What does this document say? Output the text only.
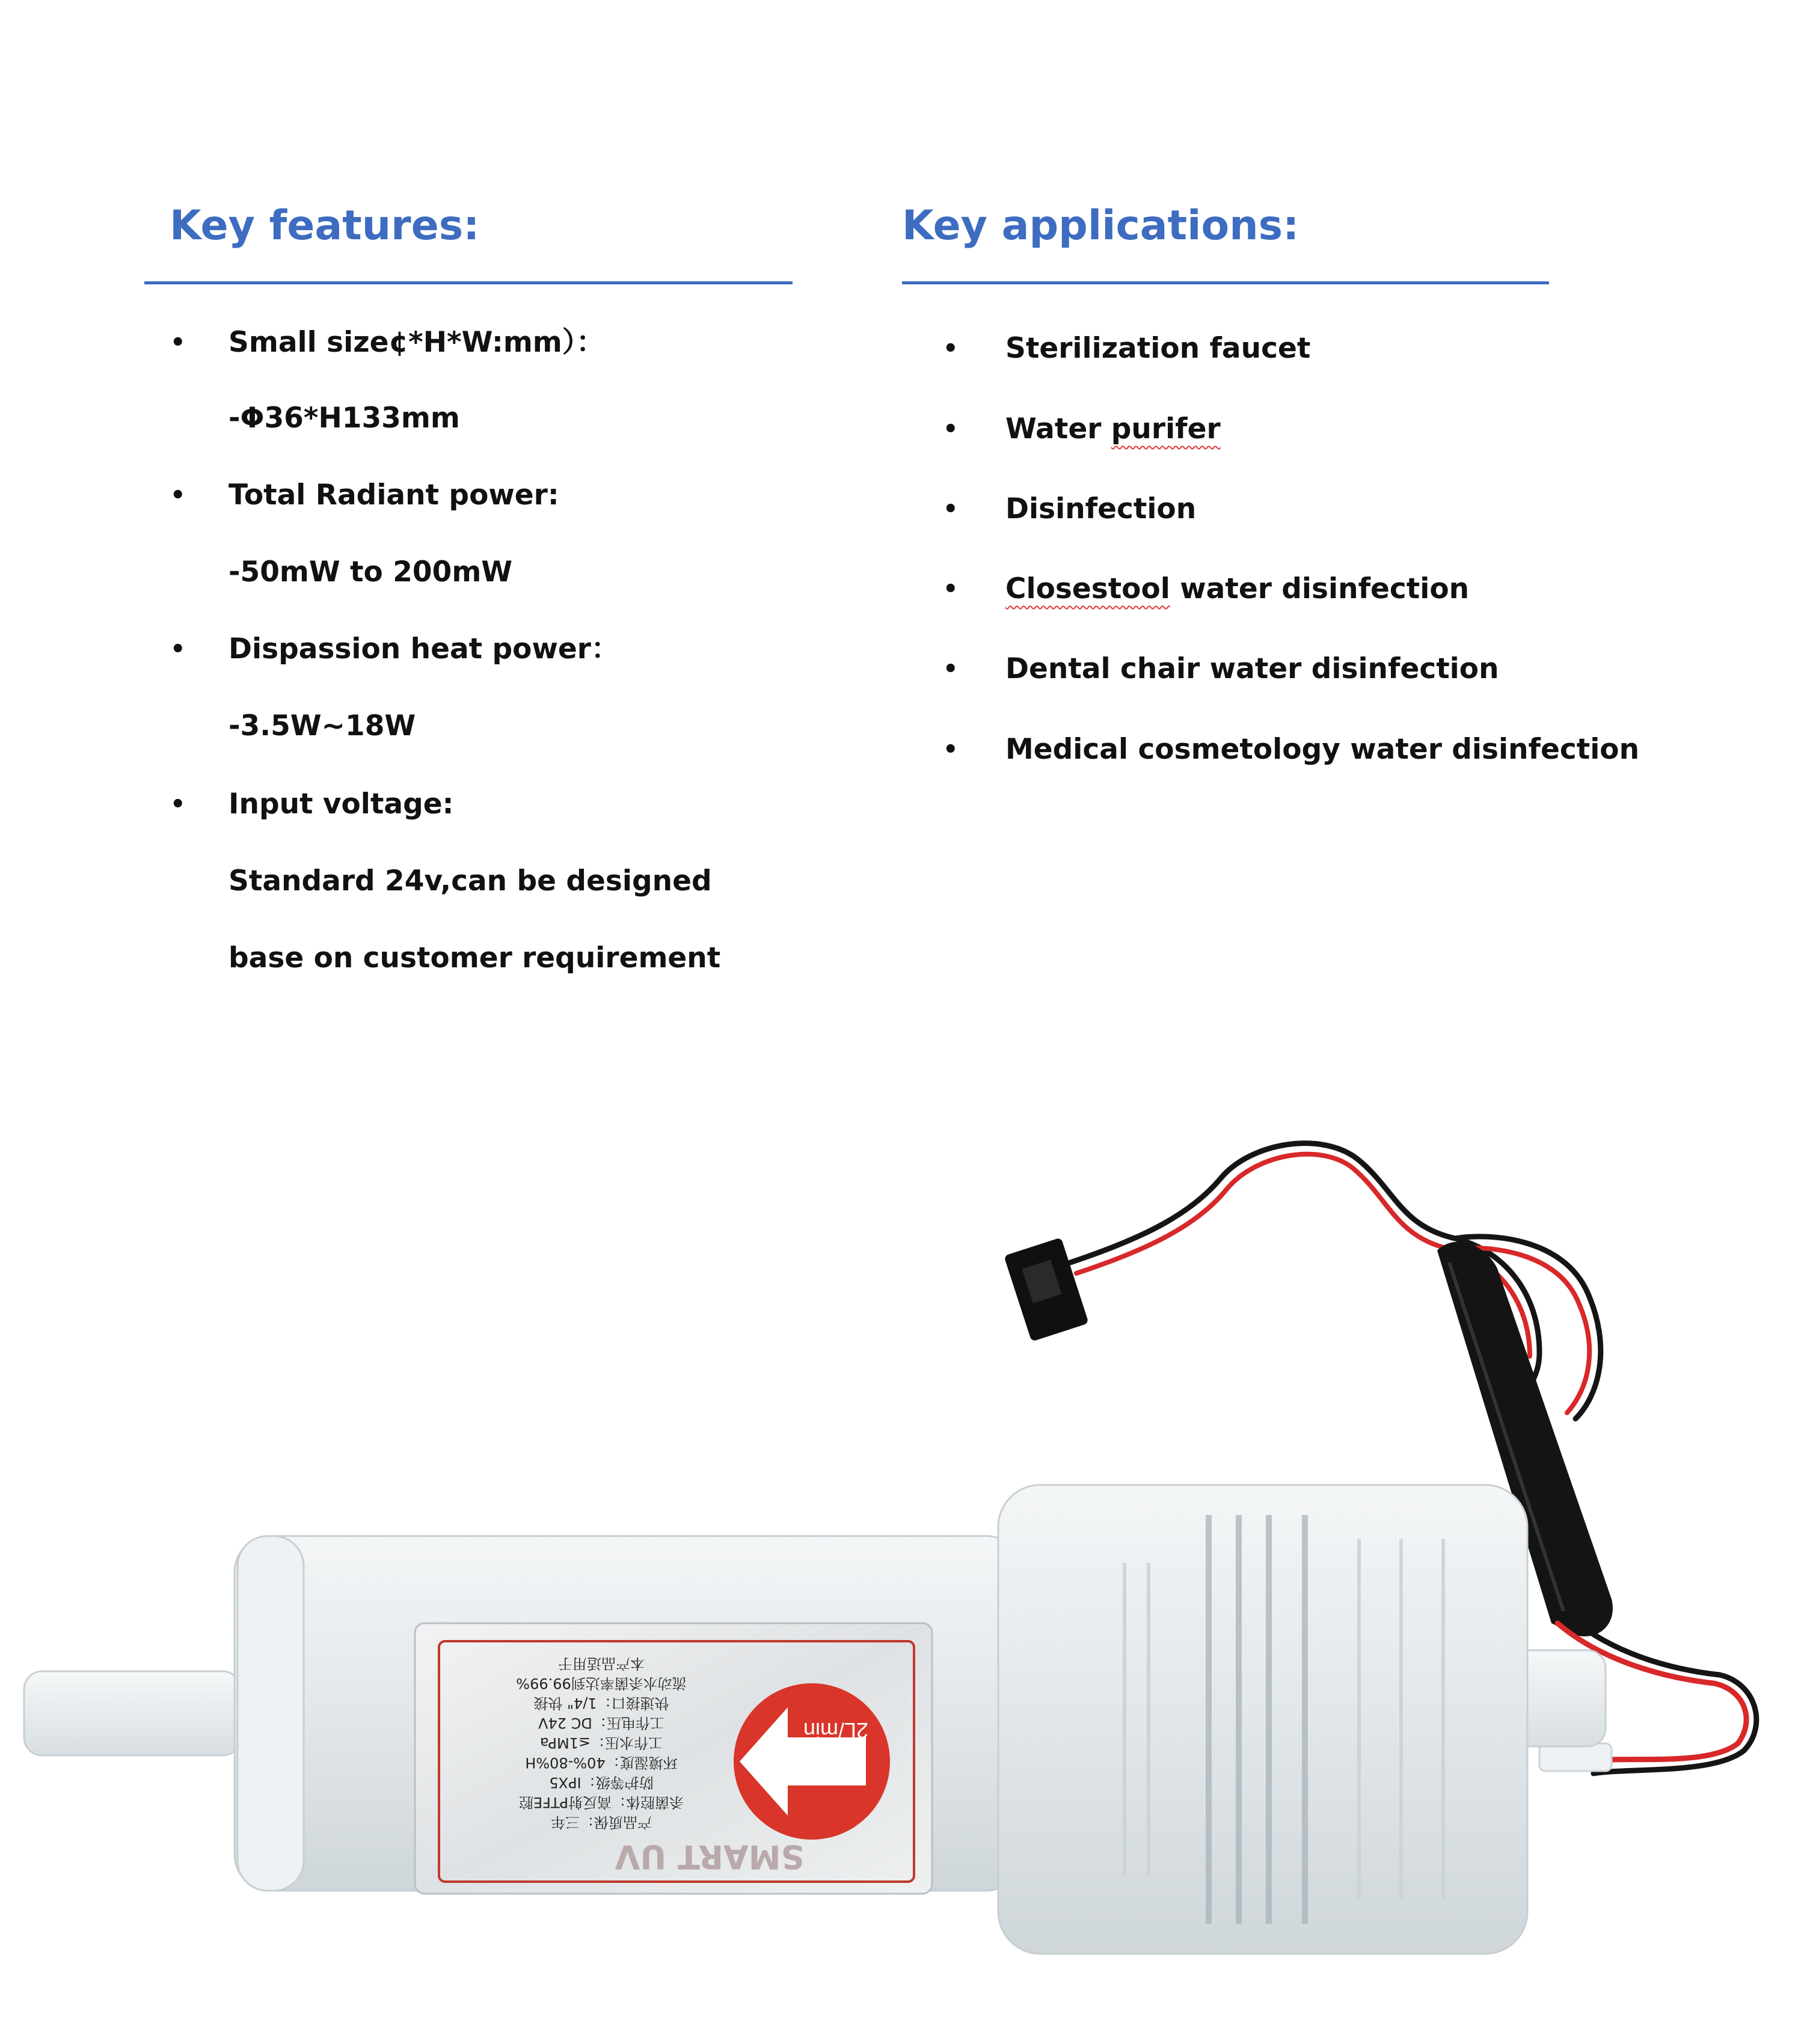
Key features:
• Small size¢*H*W:mm）：
-Φ36*H133mm
• Total Radiant power:
-50mW to 200mW
• Dispassion heat power：
-3.5W~18W
• Input voltage:
Standard 24v,can be designed
base on customer requirement
Key applications:
• Sterilization faucet
• Water purifer
• Disinfection
• Closestool water disinfection
• Dental chair water disinfection
• Medical cosmetology water disinfection
2L/min
本产品适用于
流动水杀菌率达到99.99%
快速接口：1/4" 快接
工作电压：DC 24V
工作水压：≤1MPa
环境湿度：40%-80%H
防护等级：IPX5
杀菌腔体：高反射PTFE腔
产品质保：三年
SMART UV
